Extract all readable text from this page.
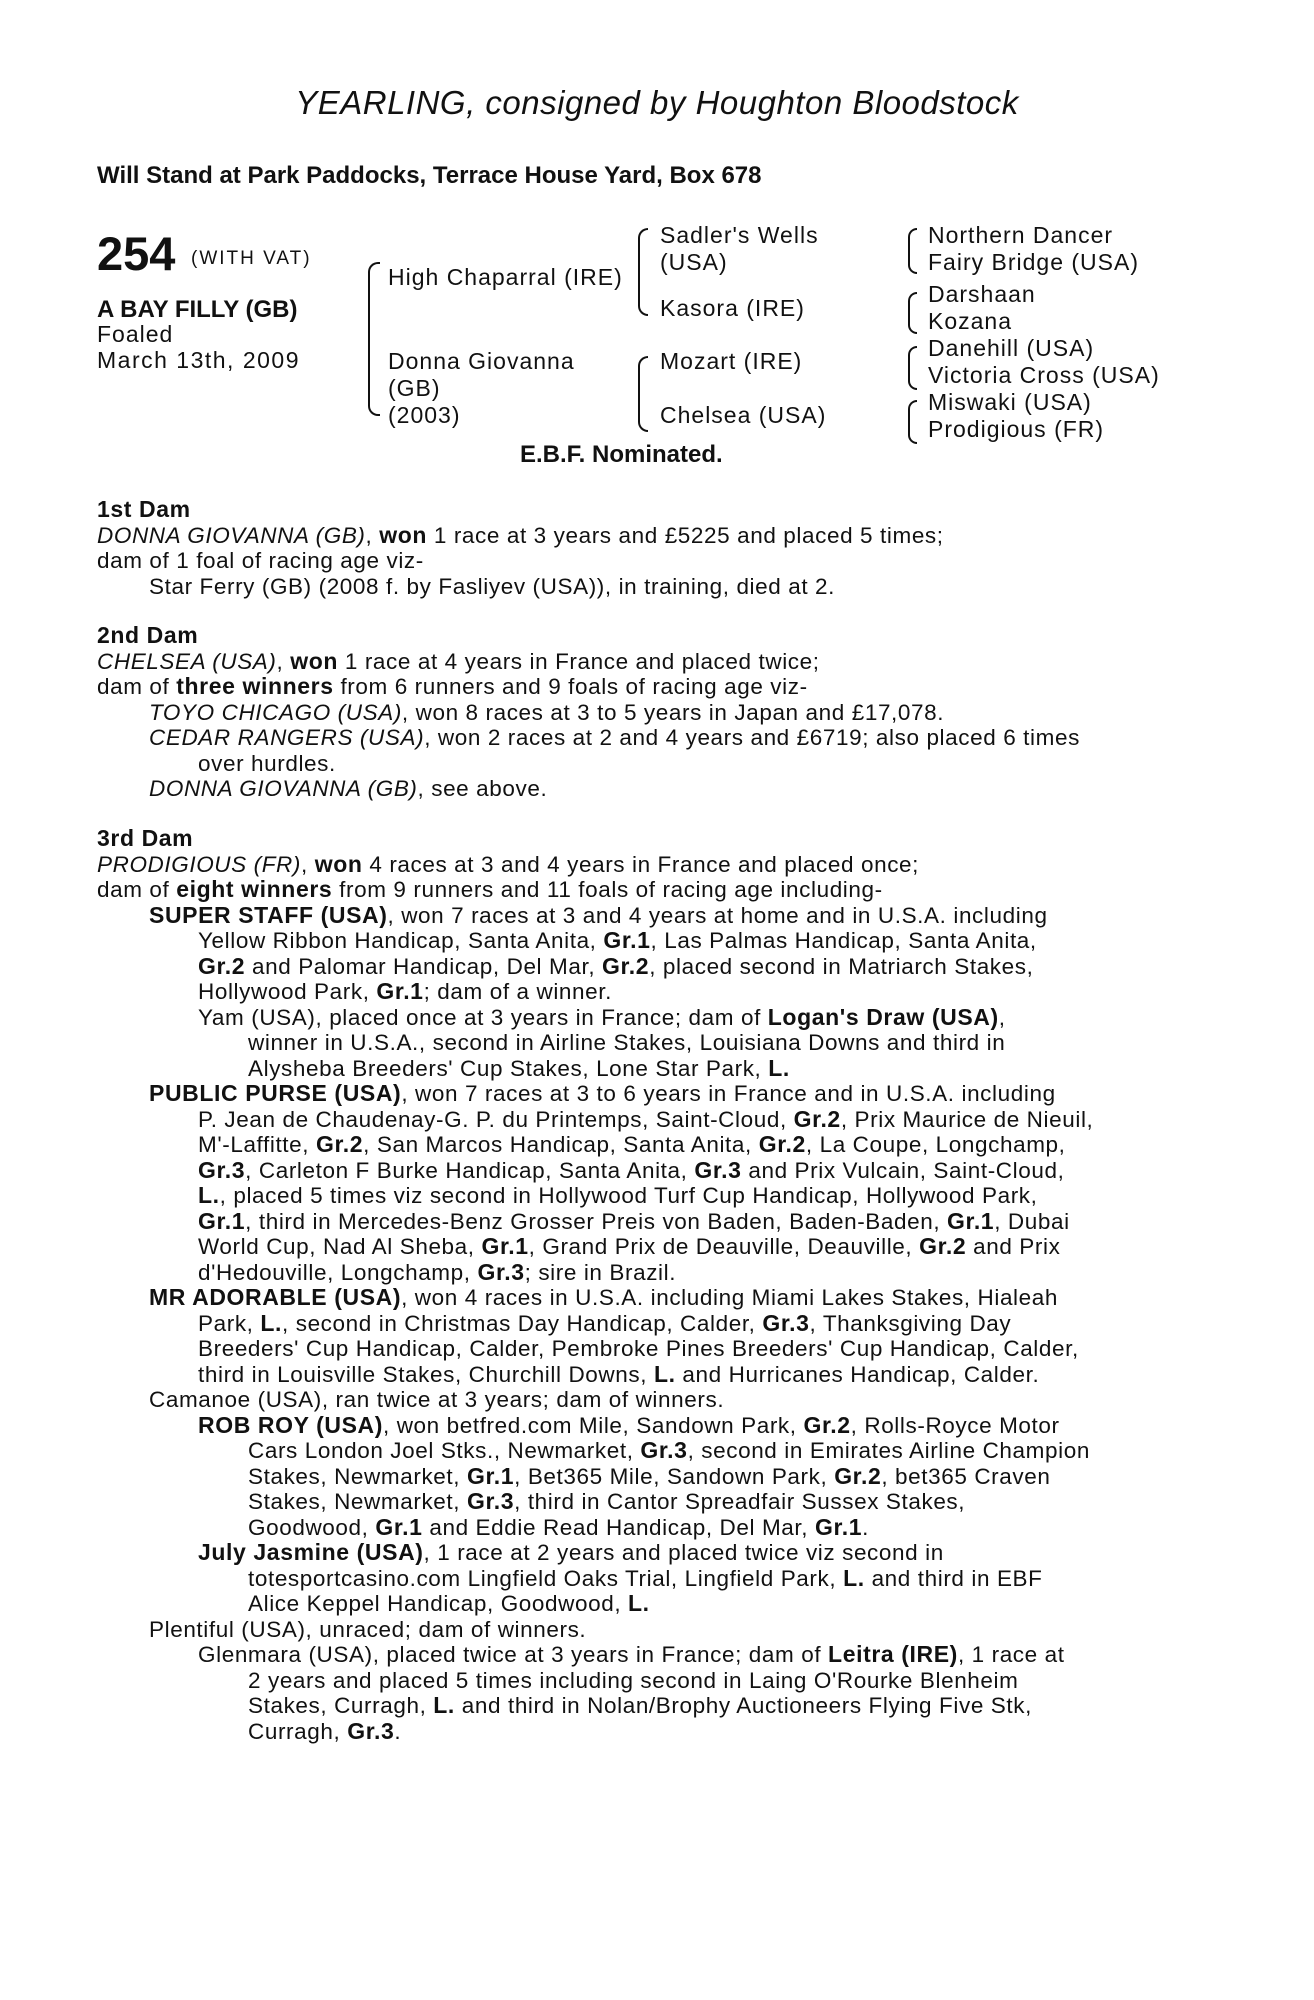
YEARLING, consigned by Houghton Bloodstock
Will Stand at Park Paddocks, Terrace House Yard, Box 678
254 (WITH VAT)
A BAY FILLY (GB)
Foaled
March 13th, 2009
High Chaparral (IRE)
Donna Giovanna
(GB)
(2003)
Sadler's Wells
(USA)
Kasora (IRE)
Mozart (IRE)
Chelsea (USA)
Northern Dancer
Fairy Bridge (USA)
Darshaan
Kozana
Danehill (USA)
Victoria Cross (USA)
Miswaki (USA)
Prodigious (FR)
E.B.F. Nominated.
1st Dam
DONNA GIOVANNA (GB), won 1 race at 3 years and £5225 and placed 5 times;
dam of 1 foal of racing age viz-
Star Ferry (GB) (2008 f. by Fasliyev (USA)), in training, died at 2.
2nd Dam
CHELSEA (USA), won 1 race at 4 years in France and placed twice;
dam of three winners from 6 runners and 9 foals of racing age viz-
TOYO CHICAGO (USA), won 8 races at 3 to 5 years in Japan and £17,078.
CEDAR RANGERS (USA), won 2 races at 2 and 4 years and £6719; also placed 6 times
over hurdles.
DONNA GIOVANNA (GB), see above.
3rd Dam
PRODIGIOUS (FR), won 4 races at 3 and 4 years in France and placed once;
dam of eight winners from 9 runners and 11 foals of racing age including-
SUPER STAFF (USA), won 7 races at 3 and 4 years at home and in U.S.A. including
Yellow Ribbon Handicap, Santa Anita, Gr.1, Las Palmas Handicap, Santa Anita,
Gr.2 and Palomar Handicap, Del Mar, Gr.2, placed second in Matriarch Stakes,
Hollywood Park, Gr.1; dam of a winner.
Yam (USA), placed once at 3 years in France; dam of Logan's Draw (USA),
winner in U.S.A., second in Airline Stakes, Louisiana Downs and third in
Alysheba Breeders' Cup Stakes, Lone Star Park, L.
PUBLIC PURSE (USA), won 7 races at 3 to 6 years in France and in U.S.A. including
P. Jean de Chaudenay-G. P. du Printemps, Saint-Cloud, Gr.2, Prix Maurice de Nieuil,
M'-Laffitte, Gr.2, San Marcos Handicap, Santa Anita, Gr.2, La Coupe, Longchamp,
Gr.3, Carleton F Burke Handicap, Santa Anita, Gr.3 and Prix Vulcain, Saint-Cloud,
L., placed 5 times viz second in Hollywood Turf Cup Handicap, Hollywood Park,
Gr.1, third in Mercedes-Benz Grosser Preis von Baden, Baden-Baden, Gr.1, Dubai
World Cup, Nad Al Sheba, Gr.1, Grand Prix de Deauville, Deauville, Gr.2 and Prix
d'Hedouville, Longchamp, Gr.3; sire in Brazil.
MR ADORABLE (USA), won 4 races in U.S.A. including Miami Lakes Stakes, Hialeah
Park, L., second in Christmas Day Handicap, Calder, Gr.3, Thanksgiving Day
Breeders' Cup Handicap, Calder, Pembroke Pines Breeders' Cup Handicap, Calder,
third in Louisville Stakes, Churchill Downs, L. and Hurricanes Handicap, Calder.
Camanoe (USA), ran twice at 3 years; dam of winners.
ROB ROY (USA), won betfred.com Mile, Sandown Park, Gr.2, Rolls-Royce Motor
Cars London Joel Stks., Newmarket, Gr.3, second in Emirates Airline Champion
Stakes, Newmarket, Gr.1, Bet365 Mile, Sandown Park, Gr.2, bet365 Craven
Stakes, Newmarket, Gr.3, third in Cantor Spreadfair Sussex Stakes,
Goodwood, Gr.1 and Eddie Read Handicap, Del Mar, Gr.1.
July Jasmine (USA), 1 race at 2 years and placed twice viz second in
totesportcasino.com Lingfield Oaks Trial, Lingfield Park, L. and third in EBF
Alice Keppel Handicap, Goodwood, L.
Plentiful (USA), unraced; dam of winners.
Glenmara (USA), placed twice at 3 years in France; dam of Leitra (IRE), 1 race at
2 years and placed 5 times including second in Laing O'Rourke Blenheim
Stakes, Curragh, L. and third in Nolan/Brophy Auctioneers Flying Five Stk,
Curragh, Gr.3.
